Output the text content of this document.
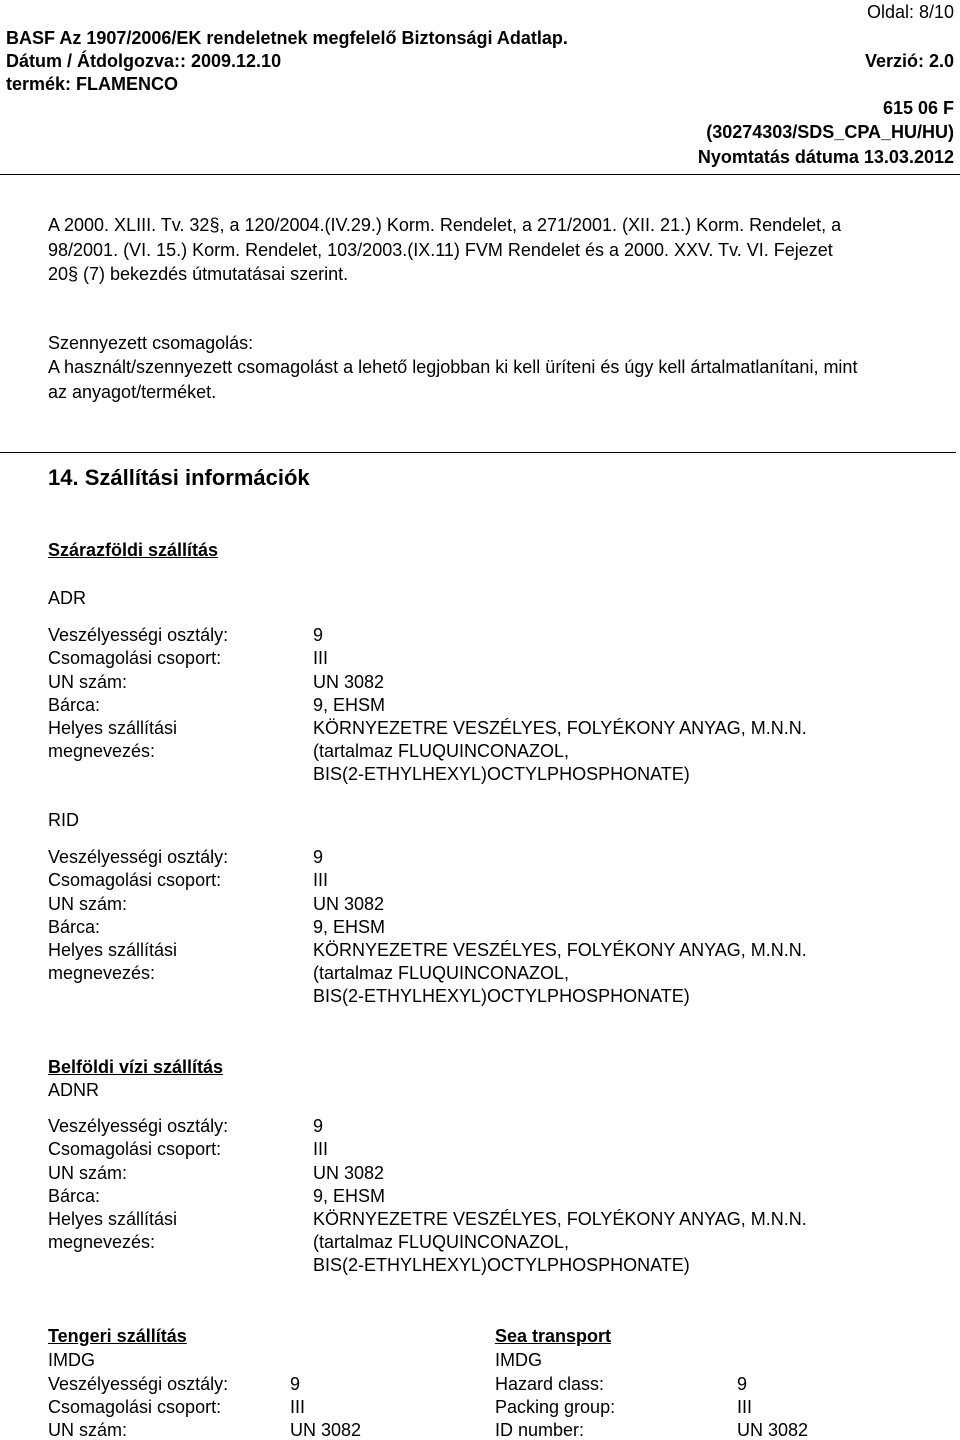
Oldal: 8/10
BASF Az 1907/2006/EK rendeletnek megfelelő Biztonsági Adatlap.
Dátum / Átdolgozva:: 2009.12.10	Verzió: 2.0
termék: FLAMENCO
615 06 F
(30274303/SDS_CPA_HU/HU)
Nyomtatás dátuma 13.03.2012
A 2000. XLIII. Tv. 32§, a 120/2004.(IV.29.) Korm. Rendelet, a 271/2001. (XII. 21.) Korm. Rendelet, a
98/2001. (VI. 15.) Korm. Rendelet, 103/2003.(IX.11) FVM Rendelet és a 2000. XXV. Tv. VI. Fejezet
20§ (7) bekezdés útmutatásai szerint.
Szennyezett csomagolás:
A használt/szennyezett csomagolást a lehető legjobban ki kell üríteni és úgy kell ártalmatlanítani, mint
az anyagot/terméket.
14. Szállítási információk
Szárazföldi szállítás
ADR
Veszélyességi osztály:	9
Csomagolási csoport:	III
UN szám:	UN 3082
Bárca:	9, EHSM
Helyes szállítási
megnevezés:
KÖRNYEZETRE VESZÉLYES, FOLYÉKONY ANYAG, M.N.N.
(tartalmaz FLUQUINCONAZOL,
BIS(2-ETHYLHEXYL)OCTYLPHOSPHONATE)
RID
Veszélyességi osztály:	9
Csomagolási csoport:	III
UN szám:	UN 3082
Bárca:	9, EHSM
Helyes szállítási
megnevezés:
KÖRNYEZETRE VESZÉLYES, FOLYÉKONY ANYAG, M.N.N.
(tartalmaz FLUQUINCONAZOL,
BIS(2-ETHYLHEXYL)OCTYLPHOSPHONATE)
Belföldi vízi szállítás
ADNR
Veszélyességi osztály:	9
Csomagolási csoport:	III
UN szám:	UN 3082
Bárca:	9, EHSM
Helyes szállítási
megnevezés:
KÖRNYEZETRE VESZÉLYES, FOLYÉKONY ANYAG, M.N.N.
(tartalmaz FLUQUINCONAZOL,
BIS(2-ETHYLHEXYL)OCTYLPHOSPHONATE)
Tengeri szállítás
IMDG
Veszélyességi osztály:	9
Csomagolási csoport:	III
UN szám:	UN 3082
Sea transport
IMDG
Hazard class:	9
Packing group:	III
ID number:	UN 3082
